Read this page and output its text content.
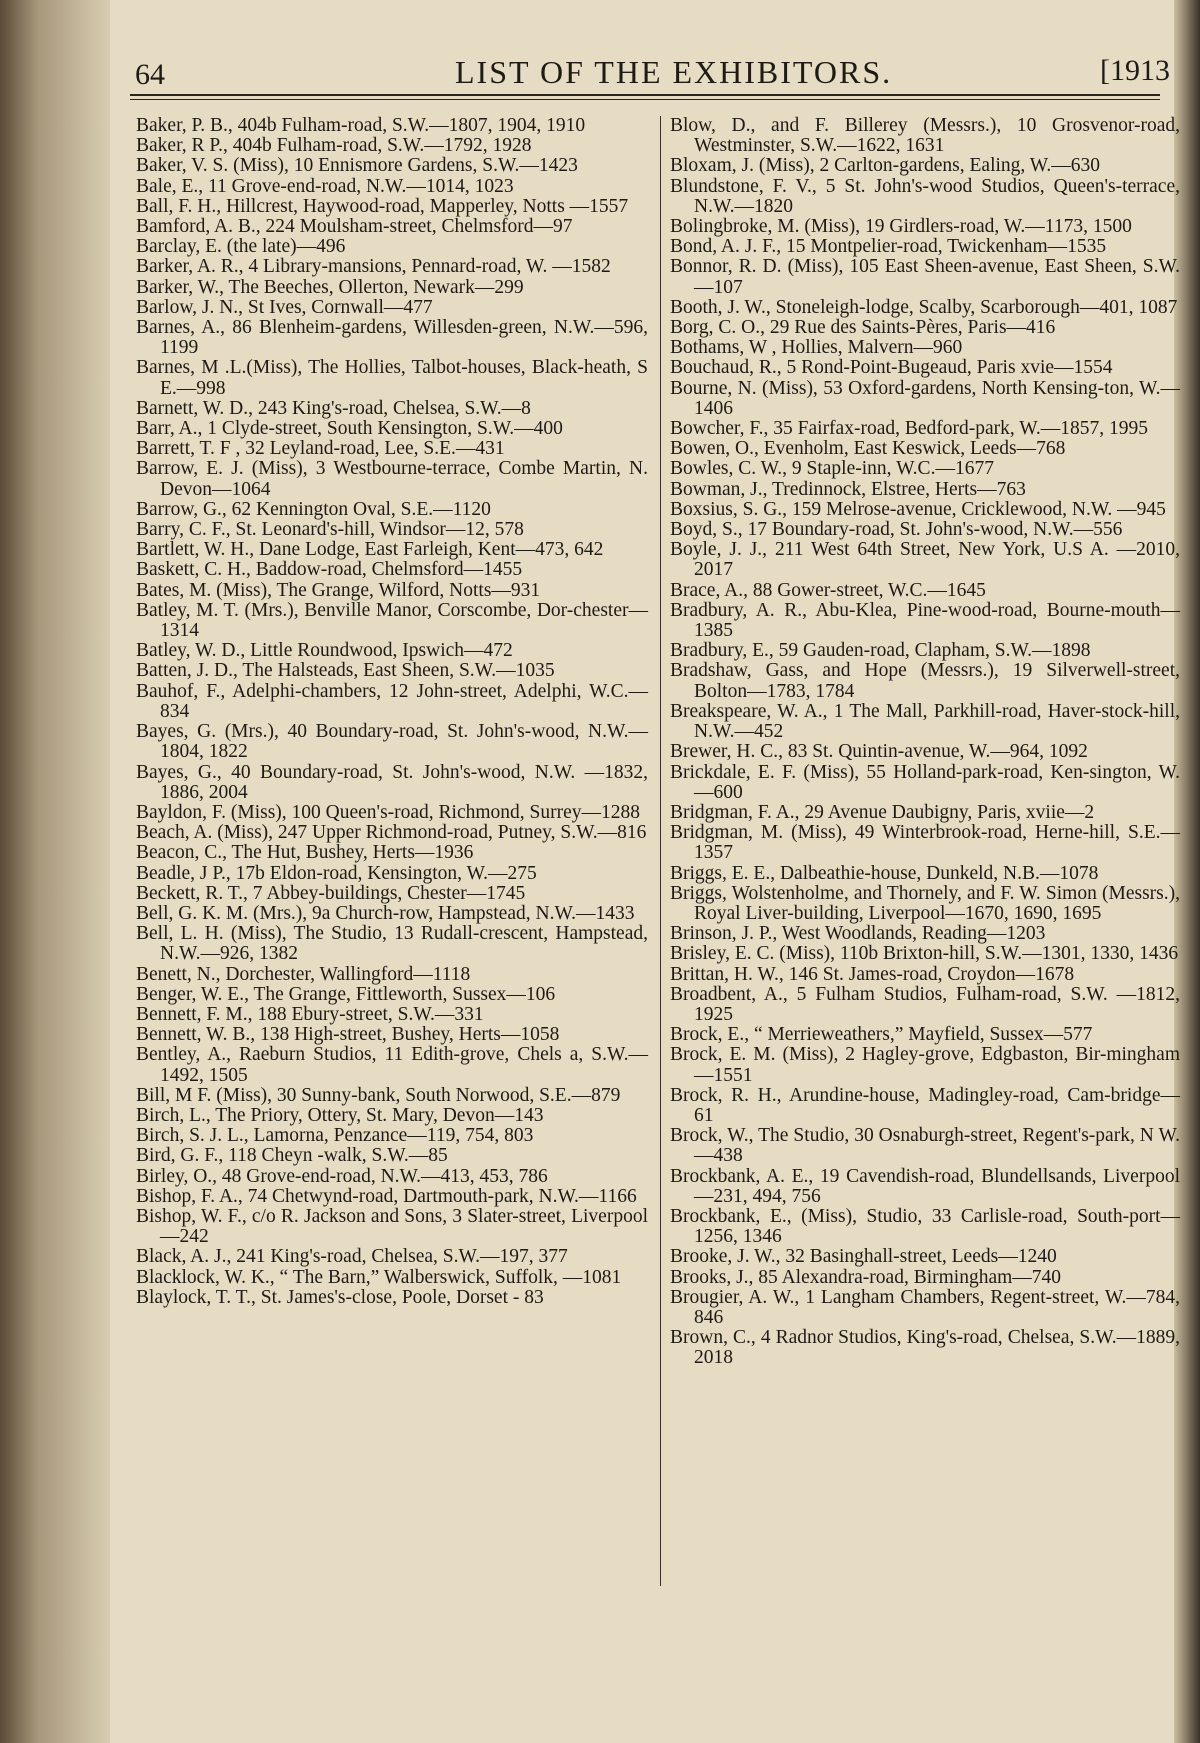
64	LIST OF THE EXHIBITORS.	[1913

Baker, P. B., 404b Fulham-road, S.W.—1807, 1904, 1910

Baker, R P., 404b Fulham-road, S.W.—1792, 1928

Baker, V. S. (Miss), 10 Ennismore Gardens, S.W.—1423

Bale, E., 11 Grove-end-road, N.W.—1014, 1023

Ball, F. H., Hillcrest, Haywood-road, Mapperley, Notts —1557

Bamford, A. B., 224 Moulsham-street, Chelmsford—97

Barclay, E. (the late)—496

Barker, A. R., 4 Library-mansions, Pennard-road, W. —1582

Barker, W., The Beeches, Ollerton, Newark—299

Barlow, J. N., St Ives, Cornwall—477

Barnes, A., 86 Blenheim-gardens, Willesden-green, N.W.—596, 1199

Barnes, M .L.(Miss), The Hollies, Talbot-houses, Black-heath, S E.—998

Barnett, W. D., 243 King's-road, Chelsea, S.W.—8

Barr, A., 1 Clyde-street, South Kensington, S.W.—400

Barrett, T. F , 32 Leyland-road, Lee, S.E.—431

Barrow, E. J. (Miss), 3 Westbourne-terrace, Combe Martin, N. Devon—1064

Barrow, G., 62 Kennington Oval, S.E.—1120

Barry, C. F., St. Leonard's-hill, Windsor—12, 578

Bartlett, W. H., Dane Lodge, East Farleigh, Kent—473, 642

Baskett, C. H., Baddow-road, Chelmsford—1455

Bates, M. (Miss), The Grange, Wilford, Notts—931

Batley, M. T. (Mrs.), Benville Manor, Corscombe, Dor-chester—1314

Batley, W. D., Little Roundwood, Ipswich—472

Batten, J. D., The Halsteads, East Sheen, S.W.—1035

Bauhof, F., Adelphi-chambers, 12 John-street, Adelphi, W.C.—834

Bayes, G. (Mrs.), 40 Boundary-road, St. John's-wood, N.W.—1804, 1822

Bayes, G., 40 Boundary-road, St. John's-wood, N.W. —1832, 1886, 2004

Bayldon, F. (Miss), 100 Queen's-road, Richmond, Surrey—1288

Beach, A. (Miss), 247 Upper Richmond-road, Putney, S.W.—816

Beacon, C., The Hut, Bushey, Herts—1936

Beadle, J P., 17b Eldon-road, Kensington, W.—275

Beckett, R. T., 7 Abbey-buildings, Chester—1745

Bell, G. K. M. (Mrs.), 9a Church-row, Hampstead, N.W.—1433

Bell, L. H. (Miss), The Studio, 13 Rudall-crescent, Hampstead, N.W.—926, 1382

Benett, N., Dorchester, Wallingford—1118

Benger, W. E., The Grange, Fittleworth, Sussex—106

Bennett, F. M., 188 Ebury-street, S.W.—331

Bennett, W. B., 138 High-street, Bushey, Herts—1058

Bentley, A., Raeburn Studios, 11 Edith-grove, Chels a, S.W.—1492, 1505

Bill, M F. (Miss), 30 Sunny-bank, South Norwood, S.E.—879

Birch, L., The Priory, Ottery, St. Mary, Devon—143

Birch, S. J. L., Lamorna, Penzance—119, 754, 803

Bird, G. F., 118 Cheyn -walk, S.W.—85

Birley, O., 48 Grove-end-road, N.W.—413, 453, 786

Bishop, F. A., 74 Chetwynd-road, Dartmouth-park, N.W.—1166

Bishop, W. F., c/o R. Jackson and Sons, 3 Slater-street, Liverpool—242

Black, A. J., 241 King's-road, Chelsea, S.W.—197, 377

Blacklock, W. K., “ The Barn,” Walberswick, Suffolk, —1081

Blaylock, T. T., St. James's-close, Poole, Dorset - 83

Blow, D., and F. Billerey (Messrs.), 10 Grosvenor-road, Westminster, S.W.—1622, 1631

Bloxam, J. (Miss), 2 Carlton-gardens, Ealing, W.—630

Blundstone, F. V., 5 St. John's-wood Studios, Queen's-terrace, N.W.—1820

Bolingbroke, M. (Miss), 19 Girdlers-road, W.—1173, 1500

Bond, A. J. F., 15 Montpelier-road, Twickenham—1535

Bonnor, R. D. (Miss), 105 East Sheen-avenue, East Sheen, S.W.—107

Booth, J. W., Stoneleigh-lodge, Scalby, Scarborough—401, 1087

Borg, C. O., 29 Rue des Saints-Pères, Paris—416

Bothams, W , Hollies, Malvern—960

Bouchaud, R., 5 Rond-Point-Bugeaud, Paris xvie—1554

Bourne, N. (Miss), 53 Oxford-gardens, North Kensing-ton, W.—1406

Bowcher, F., 35 Fairfax-road, Bedford-park, W.—1857, 1995

Bowen, O., Evenholm, East Keswick, Leeds—768

Bowles, C. W., 9 Staple-inn, W.C.—1677

Bowman, J., Tredinnock, Elstree, Herts—763

Boxsius, S. G., 159 Melrose-avenue, Cricklewood, N.W. —945

Boyd, S., 17 Boundary-road, St. John's-wood, N.W.—556

Boyle, J. J., 211 West 64th Street, New York, U.S A. —2010, 2017

Brace, A., 88 Gower-street, W.C.—1645

Bradbury, A. R., Abu-Klea, Pine-wood-road, Bourne-mouth—1385

Bradbury, E., 59 Gauden-road, Clapham, S.W.—1898

Bradshaw, Gass, and Hope (Messrs.), 19 Silverwell-street, Bolton—1783, 1784

Breakspeare, W. A., 1 The Mall, Parkhill-road, Haver-stock-hill, N.W.—452

Brewer, H. C., 83 St. Quintin-avenue, W.—964, 1092

Brickdale, E. F. (Miss), 55 Holland-park-road, Ken-sington, W.—600

Bridgman, F. A., 29 Avenue Daubigny, Paris, xviie—2

Bridgman, M. (Miss), 49 Winterbrook-road, Herne-hill, S.E.—1357

Briggs, E. E., Dalbeathie-house, Dunkeld, N.B.—1078

Briggs, Wolstenholme, and Thornely, and F. W. Simon (Messrs.), Royal Liver-building, Liverpool—1670, 1690, 1695

Brinson, J. P., West Woodlands, Reading—1203

Brisley, E. C. (Miss), 110b Brixton-hill, S.W.—1301, 1330, 1436

Brittan, H. W., 146 St. James-road, Croydon—1678

Broadbent, A., 5 Fulham Studios, Fulham-road, S.W. —1812, 1925

Brock, E., “ Merrieweathers,” Mayfield, Sussex—577

Brock, E. M. (Miss), 2 Hagley-grove, Edgbaston, Bir-mingham—1551

Brock, R. H., Arundine-house, Madingley-road, Cam-bridge—61

Brock, W., The Studio, 30 Osnaburgh-street, Regent's-park, N W.—438

Brockbank, A. E., 19 Cavendish-road, Blundellsands, Liverpool—231, 494, 756

Brockbank, E., (Miss), Studio, 33 Carlisle-road, South-port—1256, 1346

Brooke, J. W., 32 Basinghall-street, Leeds—1240

Brooks, J., 85 Alexandra-road, Birmingham—740

Brougier, A. W., 1 Langham Chambers, Regent-street, W.—784, 846

Brown, C., 4 Radnor Studios, King's-road, Chelsea, S.W.—1889, 2018
